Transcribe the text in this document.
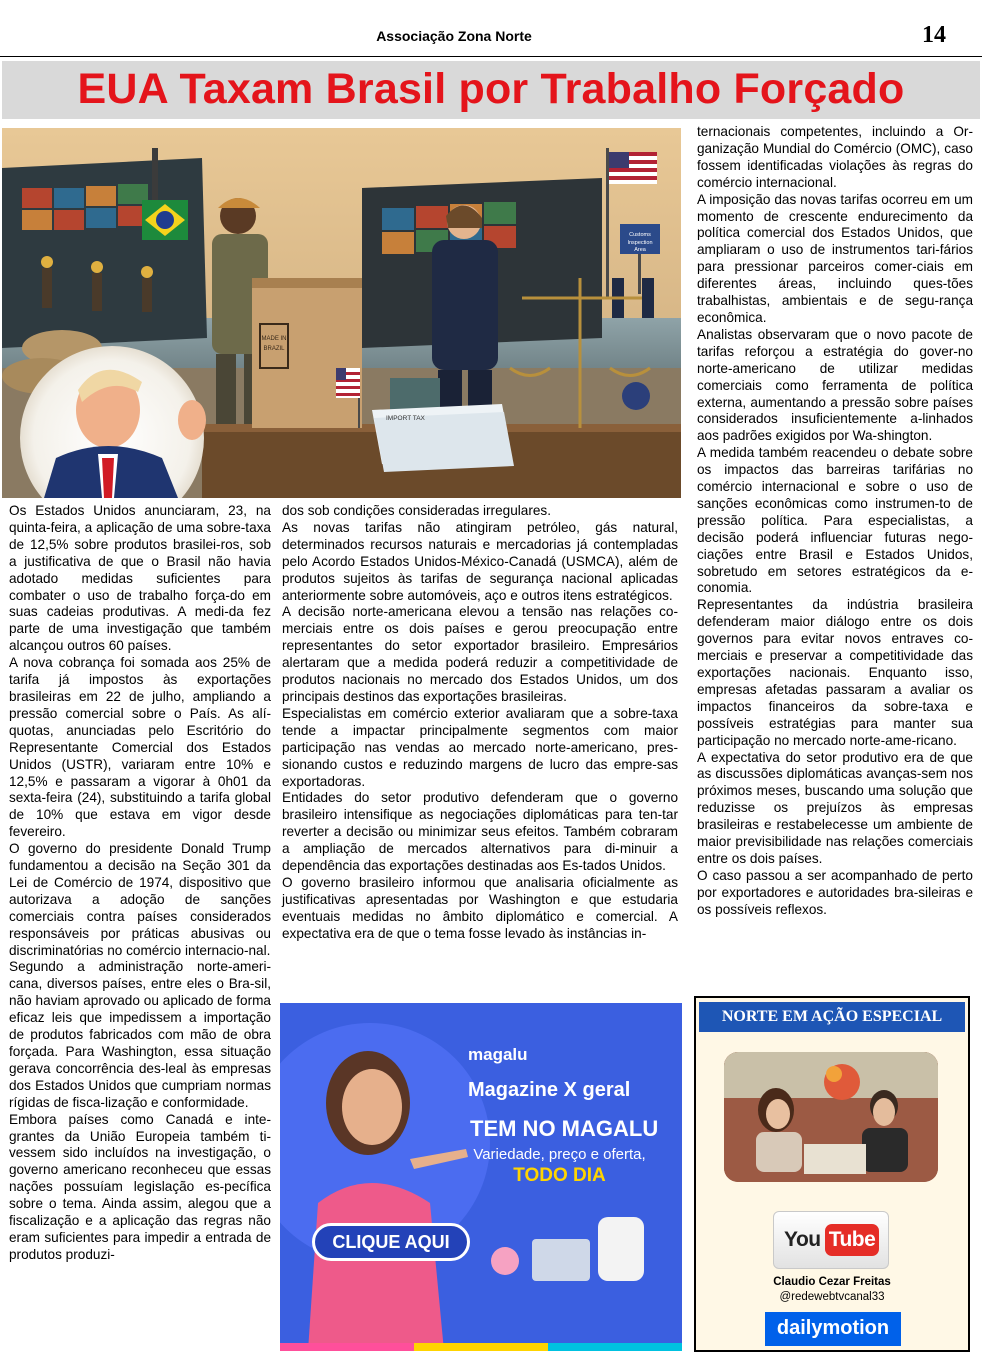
Associação Zona Norte	14
EUA Taxam Brasil por Trabalho Forçado
Customs
Inspection
Area
MADE IN
BRAZIL
IMPORT TAX

Os Estados Unidos anunciaram, 23, na quinta-feira, a aplicação de uma sobre-taxa de 12,5% sobre produtos brasilei-ros, sob a justificativa de que o Brasil não havia adotado medidas suficientes para combater o uso de trabalho força-do em suas cadeias produtivas. A medi-da fez parte de uma investigação que também alcançou outros 60 países.

A nova cobrança foi somada aos 25% de tarifa já impostos às exportações brasileiras em 22 de julho, ampliando a pressão comercial sobre o País. As alí-quotas, anunciadas pelo Escritório do Representante Comercial dos Estados Unidos (USTR), variaram entre 10% e 12,5% e passaram a vigorar à 0h01 da sexta-feira (24), substituindo a tarifa global de 10% que estava em vigor desde fevereiro.

O governo do presidente Donald Trump fundamentou a decisão na Seção 301 da Lei de Comércio de 1974, dispositivo que autorizava a adoção de sanções comerciais contra países considerados responsáveis por práticas abusivas ou discriminatórias no comércio internacio-nal.

Segundo a administração norte-ameri-cana, diversos países, entre eles o Bra-sil, não haviam aprovado ou aplicado de forma eficaz leis que impedissem a importação de produtos fabricados com mão de obra forçada. Para Washington, essa situação gerava concorrência des-leal às empresas dos Estados Unidos que cumpriam normas rígidas de fisca-lização e conformidade.

Embora países como Canadá e inte-grantes da União Europeia também ti-vessem sido incluídos na investigação, o governo americano reconheceu que essas nações possuíam legislação es-pecífica sobre o tema. Ainda assim, alegou que a fiscalização e a aplicação das regras não eram suficientes para impedir a entrada de produtos produzi-

dos sob condições consideradas irregulares.

As novas tarifas não atingiram petróleo, gás natural, determinados recursos naturais e mercadorias já contempladas pelo Acordo Estados Unidos-México-Canadá (USMCA), além de produtos sujeitos às tarifas de segurança nacional aplicadas anteriormente sobre automóveis, aço e outros itens estratégicos.

A decisão norte-americana elevou a tensão nas relações co-merciais entre os dois países e gerou preocupação entre representantes do setor exportador brasileiro. Empresários alertaram que a medida poderá reduzir a competitividade de produtos nacionais no mercado dos Estados Unidos, um dos principais destinos das exportações brasileiras.

Especialistas em comércio exterior avaliaram que a sobre-taxa tende a impactar principalmente segmentos com maior participação nas vendas ao mercado norte-americano, pres-sionando custos e reduzindo margens de lucro das empre-sas exportadoras.

Entidades do setor produtivo defenderam que o governo brasileiro intensifique as negociações diplomáticas para ten-tar reverter a decisão ou minimizar seus efeitos. Também cobraram a ampliação de mercados alternativos para di-minuir a dependência das exportações destinadas aos Es-tados Unidos.

O governo brasileiro informou que analisaria oficialmente as justificativas apresentadas por Washington e que estudaria eventuais medidas no âmbito diplomático e comercial. A expectativa era de que o tema fosse levado às instâncias in-

ternacionais competentes, incluindo a Or-ganização Mundial do Comércio (OMC), caso fossem identificadas violações às regras do comércio internacional.

A imposição das novas tarifas ocorreu em um momento de crescente endurecimento da política comercial dos Estados Unidos, que ampliaram o uso de instrumentos tari-fários para pressionar parceiros comer-ciais em diferentes áreas, incluindo ques-tões trabalhistas, ambientais e de segu-rança econômica.

Analistas observaram que o novo pacote de tarifas reforçou a estratégia do gover-no norte-americano de utilizar medidas comerciais como ferramenta de política externa, aumentando a pressão sobre países considerados insuficientemente a-linhados aos padrões exigidos por Wa-shington.

A medida também reacendeu o debate sobre os impactos das barreiras tarifárias no comércio internacional e sobre o uso de sanções econômicas como instrumen-to de pressão política. Para especialistas, a decisão poderá influenciar futuras nego-ciações entre Brasil e Estados Unidos, sobretudo em setores estratégicos da e-conomia.

Representantes da indústria brasileira defenderam maior diálogo entre os dois governos para evitar novos entraves co-merciais e preservar a competitividade das exportações nacionais. Enquanto isso, empresas afetadas passaram a avaliar os impactos financeiros da sobre-taxa e possíveis estratégias para manter sua participação no mercado norte-ame-ricano.

A expectativa do setor produtivo era de que as discussões diplomáticas avanças-sem nos próximos meses, buscando uma solução que reduzisse os prejuízos às empresas brasileiras e restabelecesse um ambiente de maior previsibilidade nas relações comerciais entre os dois países.

O caso passou a ser acompanhado de perto por exportadores e autoridades bra-sileiras e os possíveis reflexos.

magalu
Magazine X geral
TEM NO MAGALU
Variedade, preço e oferta,
TODO DIA
CLIQUE AQUI
NORTE EM AÇÃO ESPECIAL
You Tube
Claudio Cezar Freitas
@redewebtvcanal33
dailymotion
